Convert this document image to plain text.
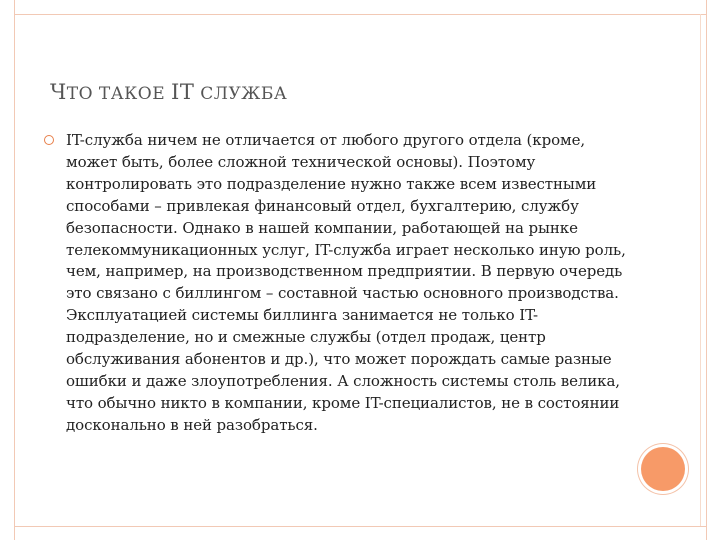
ЧТО ТАКОЕ IT СЛУЖБА
IT-служба ничем не отличается от любого другого отдела (кроме, может быть, более сложной технической основы). Поэтому контролировать это подразделение нужно также всем известными способами – привлекая финансовый отдел, бухгалтерию, службу безопасности. Однако в нашей компании, работающей на рынке телекоммуникационных услуг, IT-служба играет несколько иную роль, чем, например, на производственном предприятии. В первую очередь это связано с биллингом – составной частью основного производства. Эксплуатацией системы биллинга занимается не только IT-подразделение, но и смежные службы (отдел продаж, центр обслуживания абонентов и др.), что может порождать самые разные ошибки и даже злоупотребления. А сложность системы столь велика, что обычно никто в компании, кроме IT-специалистов, не в состоянии досконально в ней разобраться.
